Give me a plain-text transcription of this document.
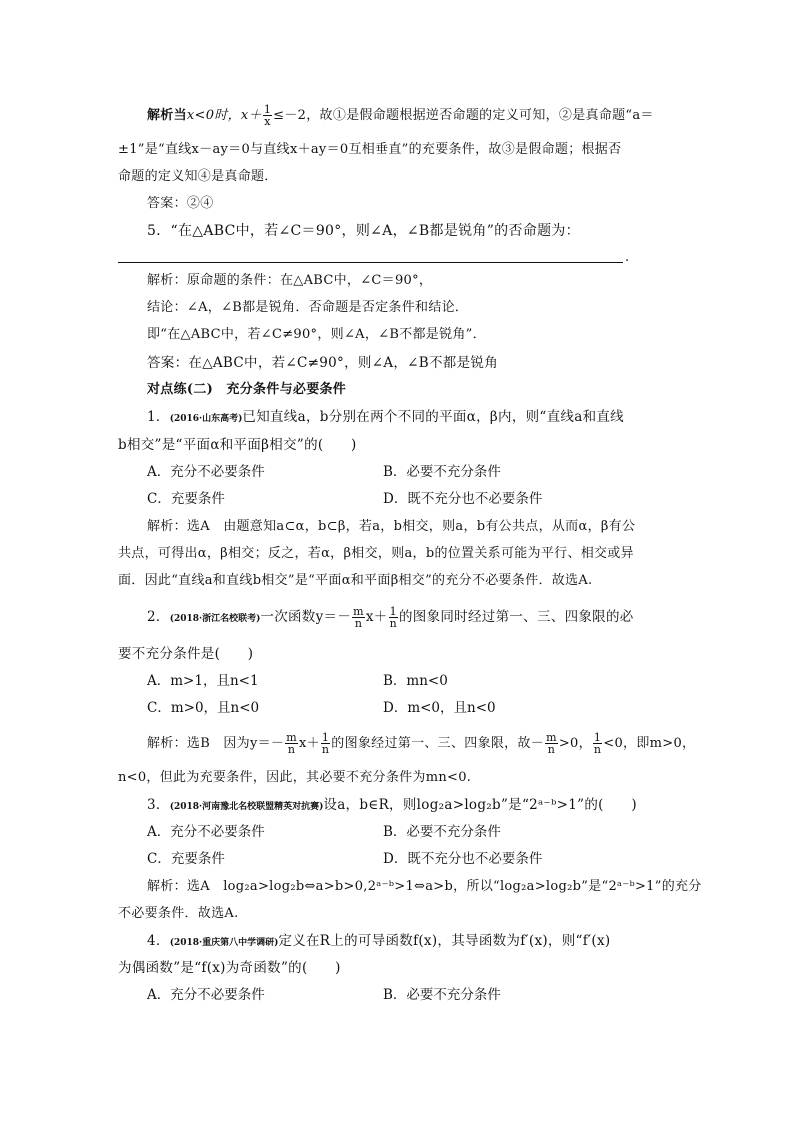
解析当x<0时，$x+ \frac{1}{x} \le-2$，故①是假命题根据逆否命题的定义可知，②是真命题“a＝
±1”是“直线x－ay＝0与直线x＋ay＝0互相垂直”的充要条件，故③是假命题；根据否
命题的定义知④是真命题．
答案：②④
5．“在△ABC中，若∠C＝90°，则∠A，∠B都是锐角”的否命题为：
.
解析：原命题的条件：在△ABC中，∠C＝90°，
结论：∠A，∠B都是锐角．否命题是否定条件和结论．
即“在△ABC中，若∠C≠90°，则∠A，∠B不都是锐角”．
答案：在△ABC中，若∠C≠90°，则∠A，∠B不都是锐角
对点练(二)　充分条件与必要条件
1．(2016·山东高考)已知直线a，b分别在两个不同的平面α，β内，则“直线a和直线
b相交”是“平面α和平面β相交”的(　　)
A．充分不必要条件	B．必要不充分条件
C．充要条件	D．既不充分也不必要条件
解析：选A　由题意知a⊂α，b⊂β，若a，b相交，则a，b有公共点，从而α，β有公
共点，可得出α，β相交；反之，若α，β相交，则a，b的位置关系可能为平行、相交或异
面．因此“直线a和直线b相交”是“平面α和平面β相交”的充分不必要条件．故选A.
2．(2018·浙江名校联考)一次函数$y=- \frac{m}{n} x+ \frac{1}{n}$ 的图象同时经过第一、三、四象限的必
要不充分条件是(　　)
A．m>1，且n<1	B．mn<0
C．m>0，且n<0	D．m<0，且n<0
解析：选B　因为$y=- \frac{m}{n} x+ \frac{1}{n}$ 的图象经过第一、三、四象限，故－ $\frac{m}{n} >0$， $\frac{1}{n} <0$，即m>0，
n<0，但此为充要条件，因此，其必要不充分条件为mn<0.
3．(2018·河南豫北名校联盟精英对抗赛)设a，b∈R，则log₂a>log₂b”是“2ᵃ⁻ᵇ>1”的(　　)
A．充分不必要条件	B．必要不充分条件
C．充要条件	D．既不充分也不必要条件
解析：选A　log₂a>log₂b⇔a>b>0,2ᵃ⁻ᵇ>1⇔a>b，所以“log₂a>log₂b”是“2ᵃ⁻ᵇ>1”的充分
不必要条件．故选A.
4．(2018·重庆第八中学调研)定义在R上的可导函数f(x)，其导函数为f′(x)，则“f′(x)
为偶函数”是“f(x)为奇函数”的(　　)
A．充分不必要条件	B．必要不充分条件
